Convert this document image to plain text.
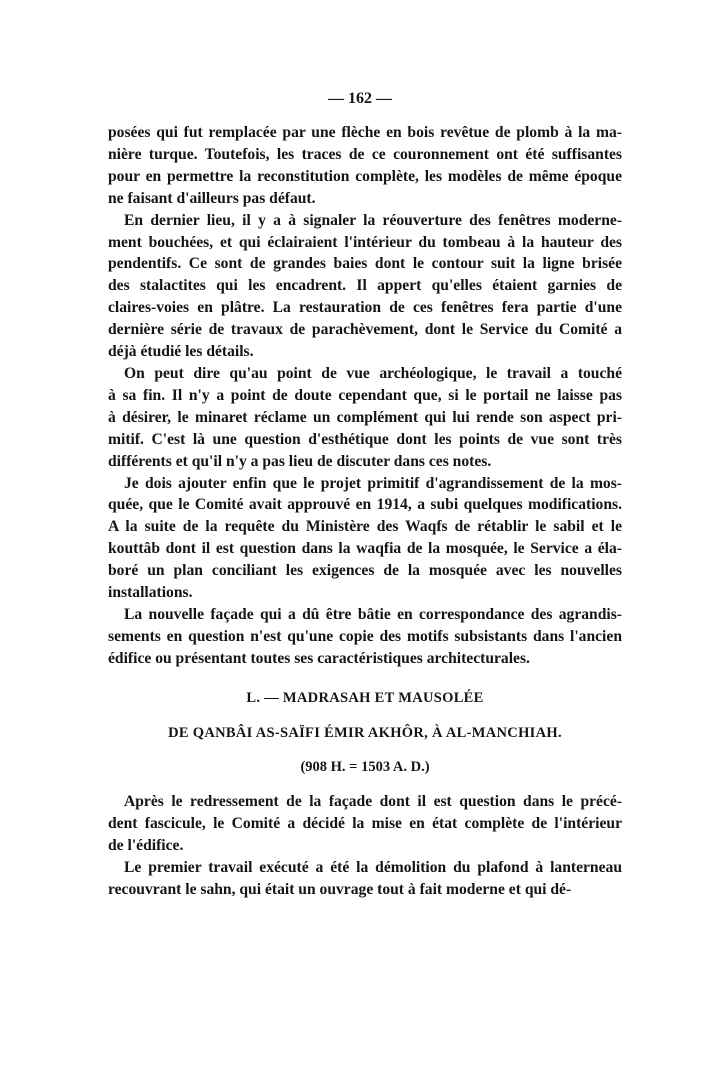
— 162 —

posées qui fut remplacée par une flèche en bois revêtue de plomb à la ma-
nière turque. Toutefois, les traces de ce couronnement ont été suffisantes
pour en permettre la reconstitution complète, les modèles de même époque
ne faisant d'ailleurs pas défaut.

En dernier lieu, il y a à signaler la réouverture des fenêtres moderne-
ment bouchées, et qui éclairaient l'intérieur du tombeau à la hauteur des
pendentifs. Ce sont de grandes baies dont le contour suit la ligne brisée
des stalactites qui les encadrent. Il appert qu'elles étaient garnies de
claires-voies en plâtre. La restauration de ces fenêtres fera partie d'une
dernière série de travaux de parachèvement, dont le Service du Comité a
déjà étudié les détails.

On peut dire qu'au point de vue archéologique, le travail a touché
à sa fin. Il n'y a point de doute cependant que, si le portail ne laisse pas
à désirer, le minaret réclame un complément qui lui rende son aspect pri-
mitif. C'est là une question d'esthétique dont les points de vue sont très
différents et qu'il n'y a pas lieu de discuter dans ces notes.

Je dois ajouter enfin que le projet primitif d'agrandissement de la mos-
quée, que le Comité avait approuvé en 1914, a subi quelques modifications.
A la suite de la requête du Ministère des Waqfs de rétablir le sabil et le
kouttâb dont il est question dans la waqfia de la mosquée, le Service a éla-
boré un plan conciliant les exigences de la mosquée avec les nouvelles
installations.

La nouvelle façade qui a dû être bâtie en correspondance des agrandis-
sements en question n'est qu'une copie des motifs subsistants dans l'ancien
édifice ou présentant toutes ses caractéristiques architecturales.

L. — MADRASAH ET MAUSOLÉE
DE QANBÂI AS-SAÏFI ÉMIR AKHÔR, À AL-MANCHIAH.
(908 H. = 1503 A. D.)

Après le redressement de la façade dont il est question dans le précé-
dent fascicule, le Comité a décidé la mise en état complète de l'intérieur
de l'édifice.

Le premier travail exécuté a été la démolition du plafond à lanterneau
recouvrant le sahn, qui était un ouvrage tout à fait moderne et qui dé-
